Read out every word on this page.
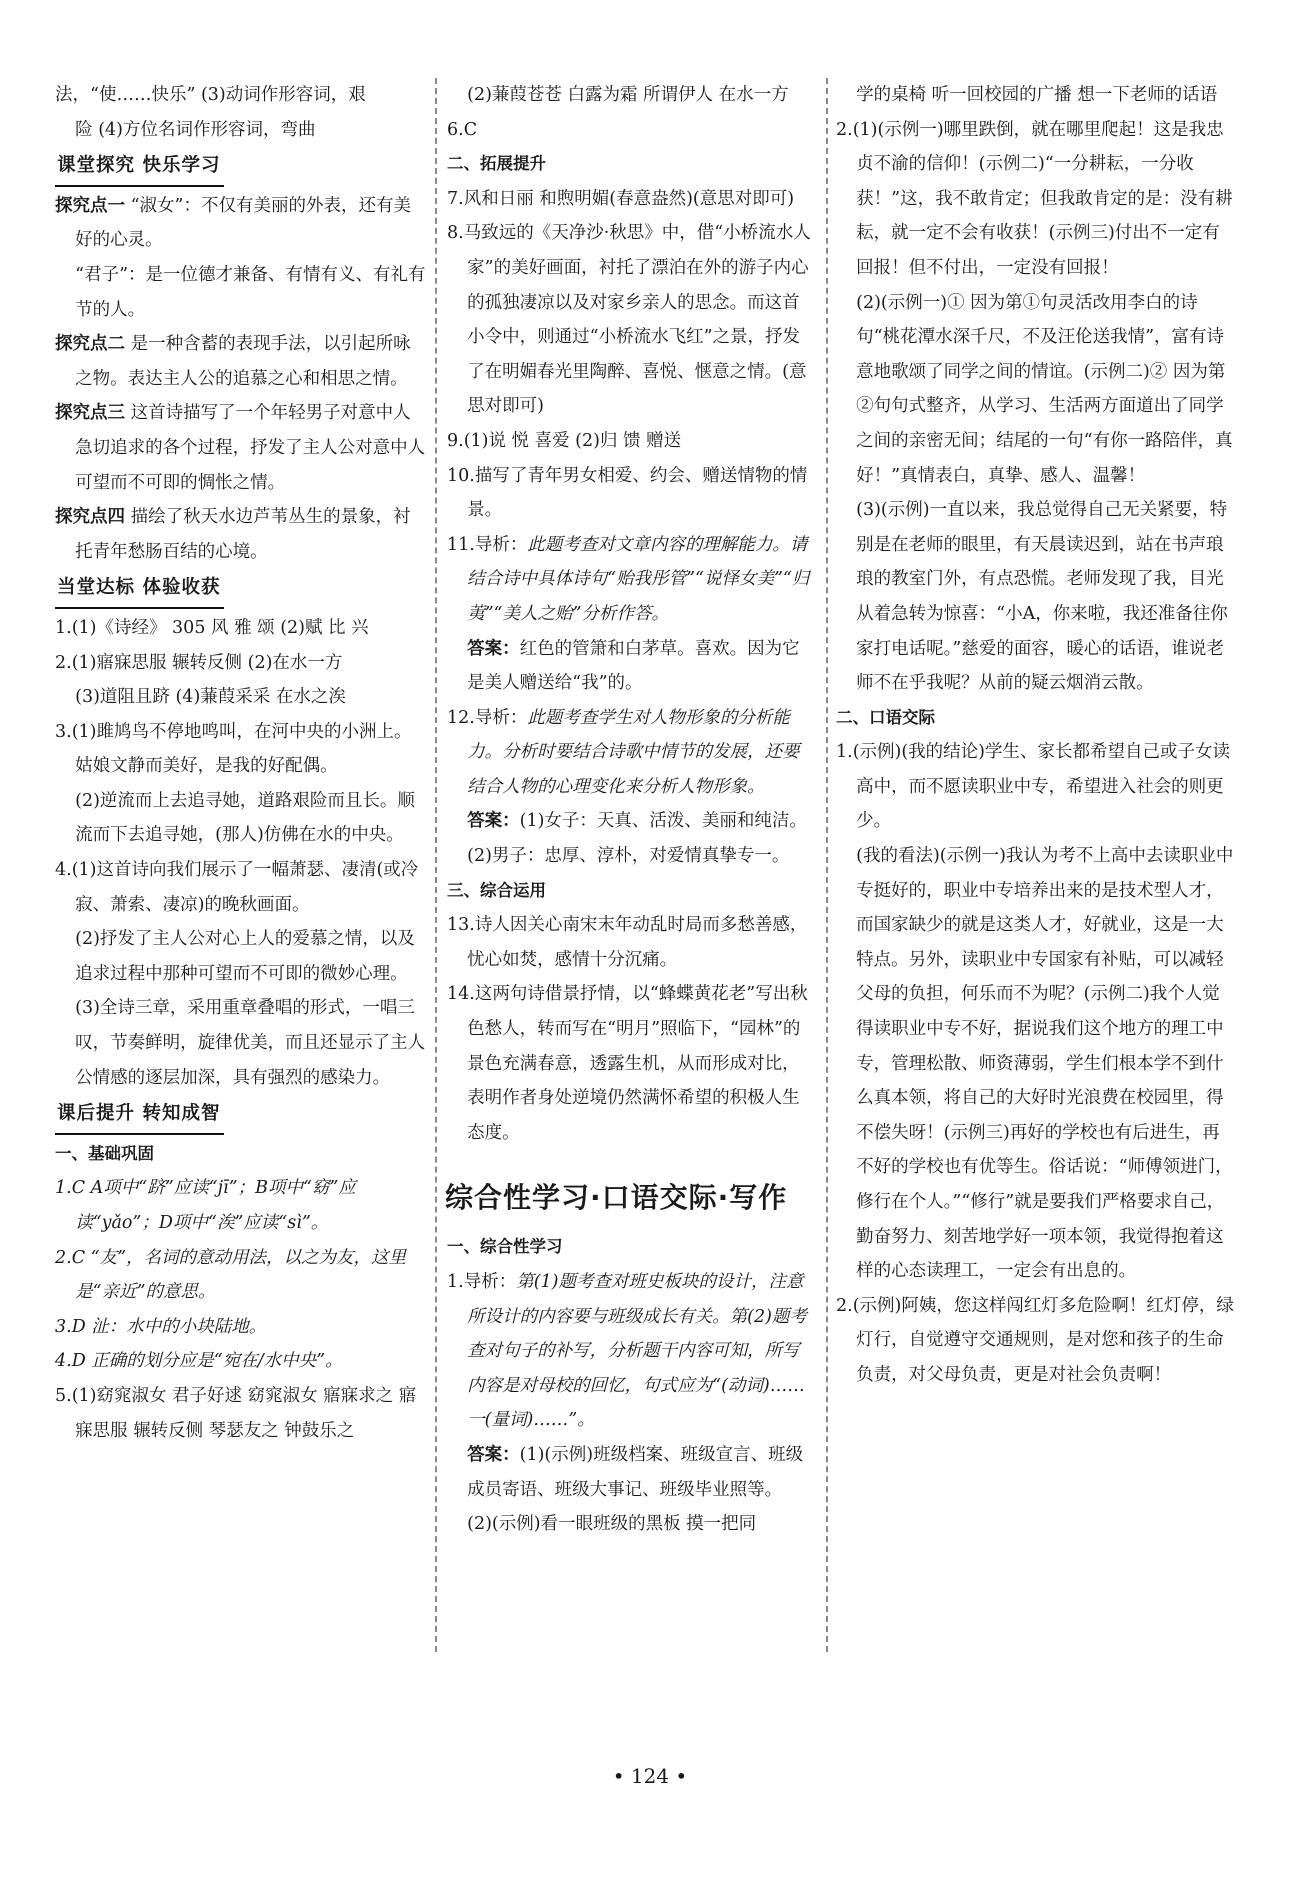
法，“使……快乐” (3)动词作形容词，艰

险 (4)方位名词作形容词，弯曲

课堂探究 快乐学习

探究点一 “淑女”：不仅有美丽的外表，还有美好的心灵。

“君子”：是一位德才兼备、有情有义、有礼有节的人。

探究点二 是一种含蓄的表现手法，以引起所咏之物。表达主人公的追慕之心和相思之情。

探究点三 这首诗描写了一个年轻男子对意中人急切追求的各个过程，抒发了主人公对意中人可望而不可即的惆怅之情。

探究点四 描绘了秋天水边芦苇丛生的景象，衬托青年愁肠百结的心境。

当堂达标 体验收获

1.(1)《诗经》 305 风 雅 颂 (2)赋 比 兴

2.(1)寤寐思服 辗转反侧 (2)在水一方

(3)道阻且跻 (4)蒹葭采采 在水之涘

3.(1)雎鸠鸟不停地鸣叫，在河中央的小洲上。姑娘文静而美好，是我的好配偶。

(2)逆流而上去追寻她，道路艰险而且长。顺流而下去追寻她，(那人)仿佛在水的中央。

4.(1)这首诗向我们展示了一幅萧瑟、凄清(或冷寂、萧索、凄凉)的晚秋画面。

(2)抒发了主人公对心上人的爱慕之情，以及追求过程中那种可望而不可即的微妙心理。

(3)全诗三章，采用重章叠唱的形式，一唱三叹，节奏鲜明，旋律优美，而且还显示了主人公情感的逐层加深，具有强烈的感染力。

课后提升 转知成智

一、基础巩固

1.C A项中“跻”应读“jī”；B项中“窈”应读“yǎo”；D项中“涘”应读“sì”。

2.C “友”，名词的意动用法，以之为友，这里是“亲近”的意思。

3.D 沚：水中的小块陆地。

4.D 正确的划分应是“宛在/水中央”。

5.(1)窈窕淑女 君子好逑 窈窕淑女 寤寐求之 寤寐思服 辗转反侧 琴瑟友之 钟鼓乐之

(2)蒹葭苍苍 白露为霜 所谓伊人 在水一方

6.C

二、拓展提升

7.风和日丽 和煦明媚(春意盎然)(意思对即可)

8.马致远的《天净沙·秋思》中，借“小桥流水人家”的美好画面，衬托了漂泊在外的游子内心的孤独凄凉以及对家乡亲人的思念。而这首小令中，则通过“小桥流水飞红”之景，抒发了在明媚春光里陶醉、喜悦、惬意之情。(意思对即可)

9.(1)说 悦 喜爱 (2)归 馈 赠送

10.描写了青年男女相爱、约会、赠送情物的情景。

11.导析：此题考查对文章内容的理解能力。请结合诗中具体诗句“贻我彤管”“说怿女美”“归荑”“美人之贻”分析作答。

答案：红色的管箫和白茅草。喜欢。因为它是美人赠送给“我”的。

12.导析：此题考查学生对人物形象的分析能力。分析时要结合诗歌中情节的发展，还要结合人物的心理变化来分析人物形象。

答案：(1)女子：天真、活泼、美丽和纯洁。

(2)男子：忠厚、淳朴，对爱情真挚专一。

三、综合运用

13.诗人因关心南宋末年动乱时局而多愁善感，忧心如焚，感情十分沉痛。

14.这两句诗借景抒情，以“蜂蝶黄花老”写出秋色愁人，转而写在“明月”照临下，“园林”的景色充满春意，透露生机，从而形成对比，表明作者身处逆境仍然满怀希望的积极人生态度。

综合性学习·口语交际·写作

一、综合性学习

1.导析：第(1)题考查对班史板块的设计，注意所设计的内容要与班级成长有关。第(2)题考查对句子的补写，分析题干内容可知，所写内容是对母校的回忆，句式应为“(动词)……一(量词)……”。

答案：(1)(示例)班级档案、班级宣言、班级成员寄语、班级大事记、班级毕业照等。

(2)(示例)看一眼班级的黑板 摸一把同

学的桌椅 听一回校园的广播 想一下老师的话语

2.(1)(示例一)哪里跌倒，就在哪里爬起！这是我忠贞不渝的信仰！(示例二)“一分耕耘，一分收获！”这，我不敢肯定；但我敢肯定的是：没有耕耘，就一定不会有收获！(示例三)付出不一定有回报！但不付出，一定没有回报！

(2)(示例一)① 因为第①句灵活改用李白的诗句“桃花潭水深千尺，不及汪伦送我情”，富有诗意地歌颂了同学之间的情谊。(示例二)② 因为第②句句式整齐，从学习、生活两方面道出了同学之间的亲密无间；结尾的一句“有你一路陪伴，真好！”真情表白，真挚、感人、温馨！

(3)(示例)一直以来，我总觉得自己无关紧要，特别是在老师的眼里，有天晨读迟到，站在书声琅琅的教室门外，有点恐慌。老师发现了我，目光从着急转为惊喜：“小A，你来啦，我还准备往你家打电话呢。”慈爱的面容，暖心的话语，谁说老师不在乎我呢？从前的疑云烟消云散。

二、口语交际

1.(示例)(我的结论)学生、家长都希望自己或子女读高中，而不愿读职业中专，希望进入社会的则更少。

(我的看法)(示例一)我认为考不上高中去读职业中专挺好的，职业中专培养出来的是技术型人才，而国家缺少的就是这类人才，好就业，这是一大特点。另外，读职业中专国家有补贴，可以减轻父母的负担，何乐而不为呢？(示例二)我个人觉得读职业中专不好，据说我们这个地方的理工中专，管理松散、师资薄弱，学生们根本学不到什么真本领，将自己的大好时光浪费在校园里，得不偿失呀！(示例三)再好的学校也有后进生，再不好的学校也有优等生。俗话说：“师傅领进门，修行在个人。”“修行”就是要我们严格要求自己，勤奋努力、刻苦地学好一项本领，我觉得抱着这样的心态读理工，一定会有出息的。

2.(示例)阿姨，您这样闯红灯多危险啊！红灯停，绿灯行，自觉遵守交通规则，是对您和孩子的生命负责，对父母负责，更是对社会负责啊！

• 124 •
